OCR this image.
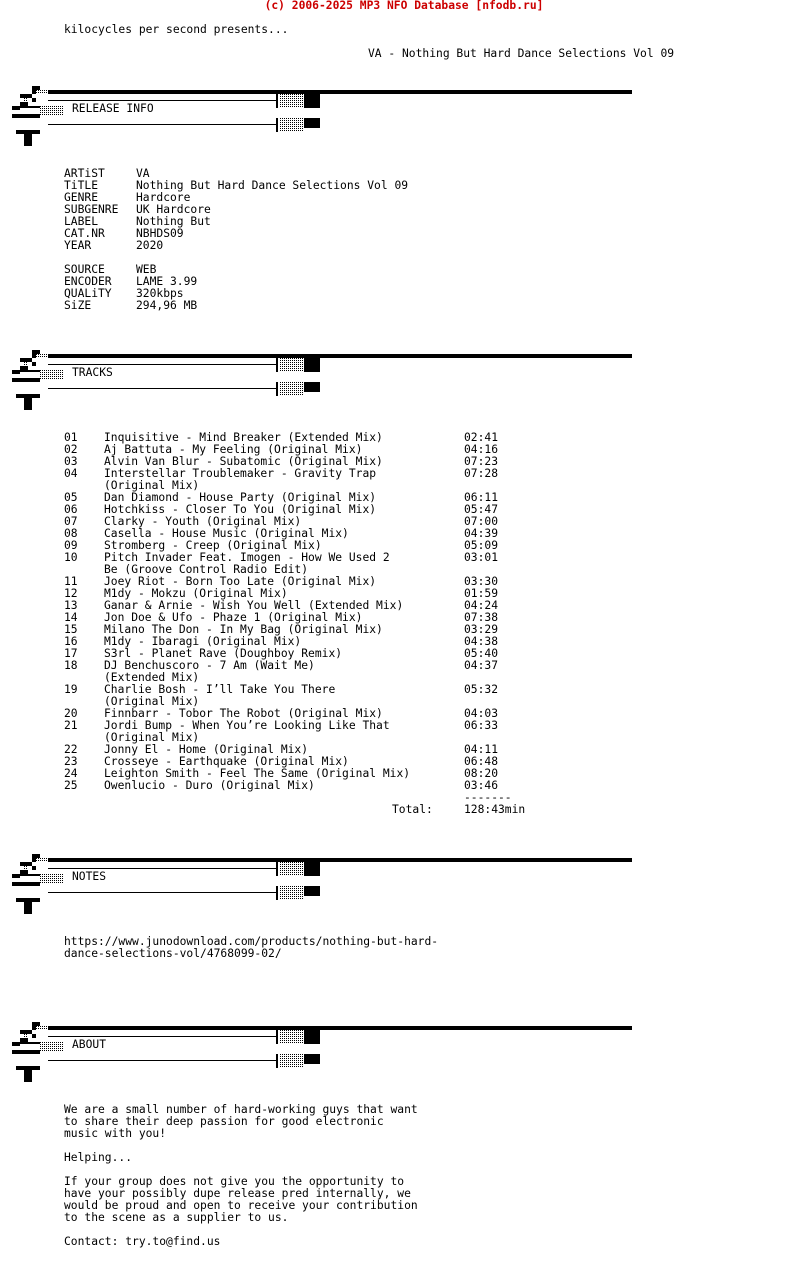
(c) 2006-2025 MP3 NFO Database [nfodb.ru]
kilocycles per second presents...
VA - Nothing But Hard Dance Selections Vol 09
RELEASE INFO
TRACKS
NOTES
ABOUT
ARTiST	VA
TiTLE	Nothing But Hard Dance Selections Vol 09
GENRE	Hardcore
SUBGENRE UK Hardcore
LABEL	Nothing But
CAT.NR	NBHDS09
YEAR	2020
SOURCE	WEB
ENCODER LAME 3.99
QUALiTY 320kbps
SiZE	294,96 MB
01 Inquisitive - Mind Breaker (Extended Mix)	02:41
02 Aj Battuta - My Feeling (Original Mix)	04:16
03 Alvin Van Blur - Subatomic (Original Mix)	07:23
04 Interstellar Troublemaker - Gravity Trap	07:28
(Original Mix)
05 Dan Diamond - House Party (Original Mix)	06:11
06 Hotchkiss - Closer To You (Original Mix)	05:47
07 Clarky - Youth (Original Mix)	07:00
08 Casella - House Music (Original Mix)	04:39
09 Stromberg - Creep (Original Mix)	05:09
10 Pitch Invader Feat. Imogen - How We Used 2	03:01
Be (Groove Control Radio Edit)
11 Joey Riot - Born Too Late (Original Mix)	03:30
12 M1dy - Mokzu (Original Mix)	01:59
13 Ganar & Arnie - Wish You Well (Extended Mix)	04:24
14 Jon Doe & Ufo - Phaze 1 (Original Mix)	07:38
15 Milano The Don - In My Bag (Original Mix)	03:29
16 M1dy - Ibaragi (Original Mix)	04:38
17 S3rl - Planet Rave (Doughboy Remix)	05:40
18 DJ Benchuscoro - 7 Am (Wait Me)	04:37
(Extended Mix)
19 Charlie Bosh - I’ll Take You There	05:32
(Original Mix)
20 Finnbarr - Tobor The Robot (Original Mix)	04:03
21 Jordi Bump - When You’re Looking Like That	06:33
(Original Mix)
22 Jonny El - Home (Original Mix)	04:11
23 Crosseye - Earthquake (Original Mix)	06:48
24 Leighton Smith - Feel The Same (Original Mix)	08:20
25 Owenlucio - Duro (Original Mix)	03:46
-------
Total:	128:43min
https://www.junodownload.com/products/nothing-but-hard-
dance-selections-vol/4768099-02/
We are a small number of hard-working guys that want
to share their deep passion for good electronic
music with you!
Helping...
If your group does not give you the opportunity to
have your possibly dupe release pred internally, we
would be proud and open to receive your contribution
to the scene as a supplier to us.
Contact: try.to@find.us
